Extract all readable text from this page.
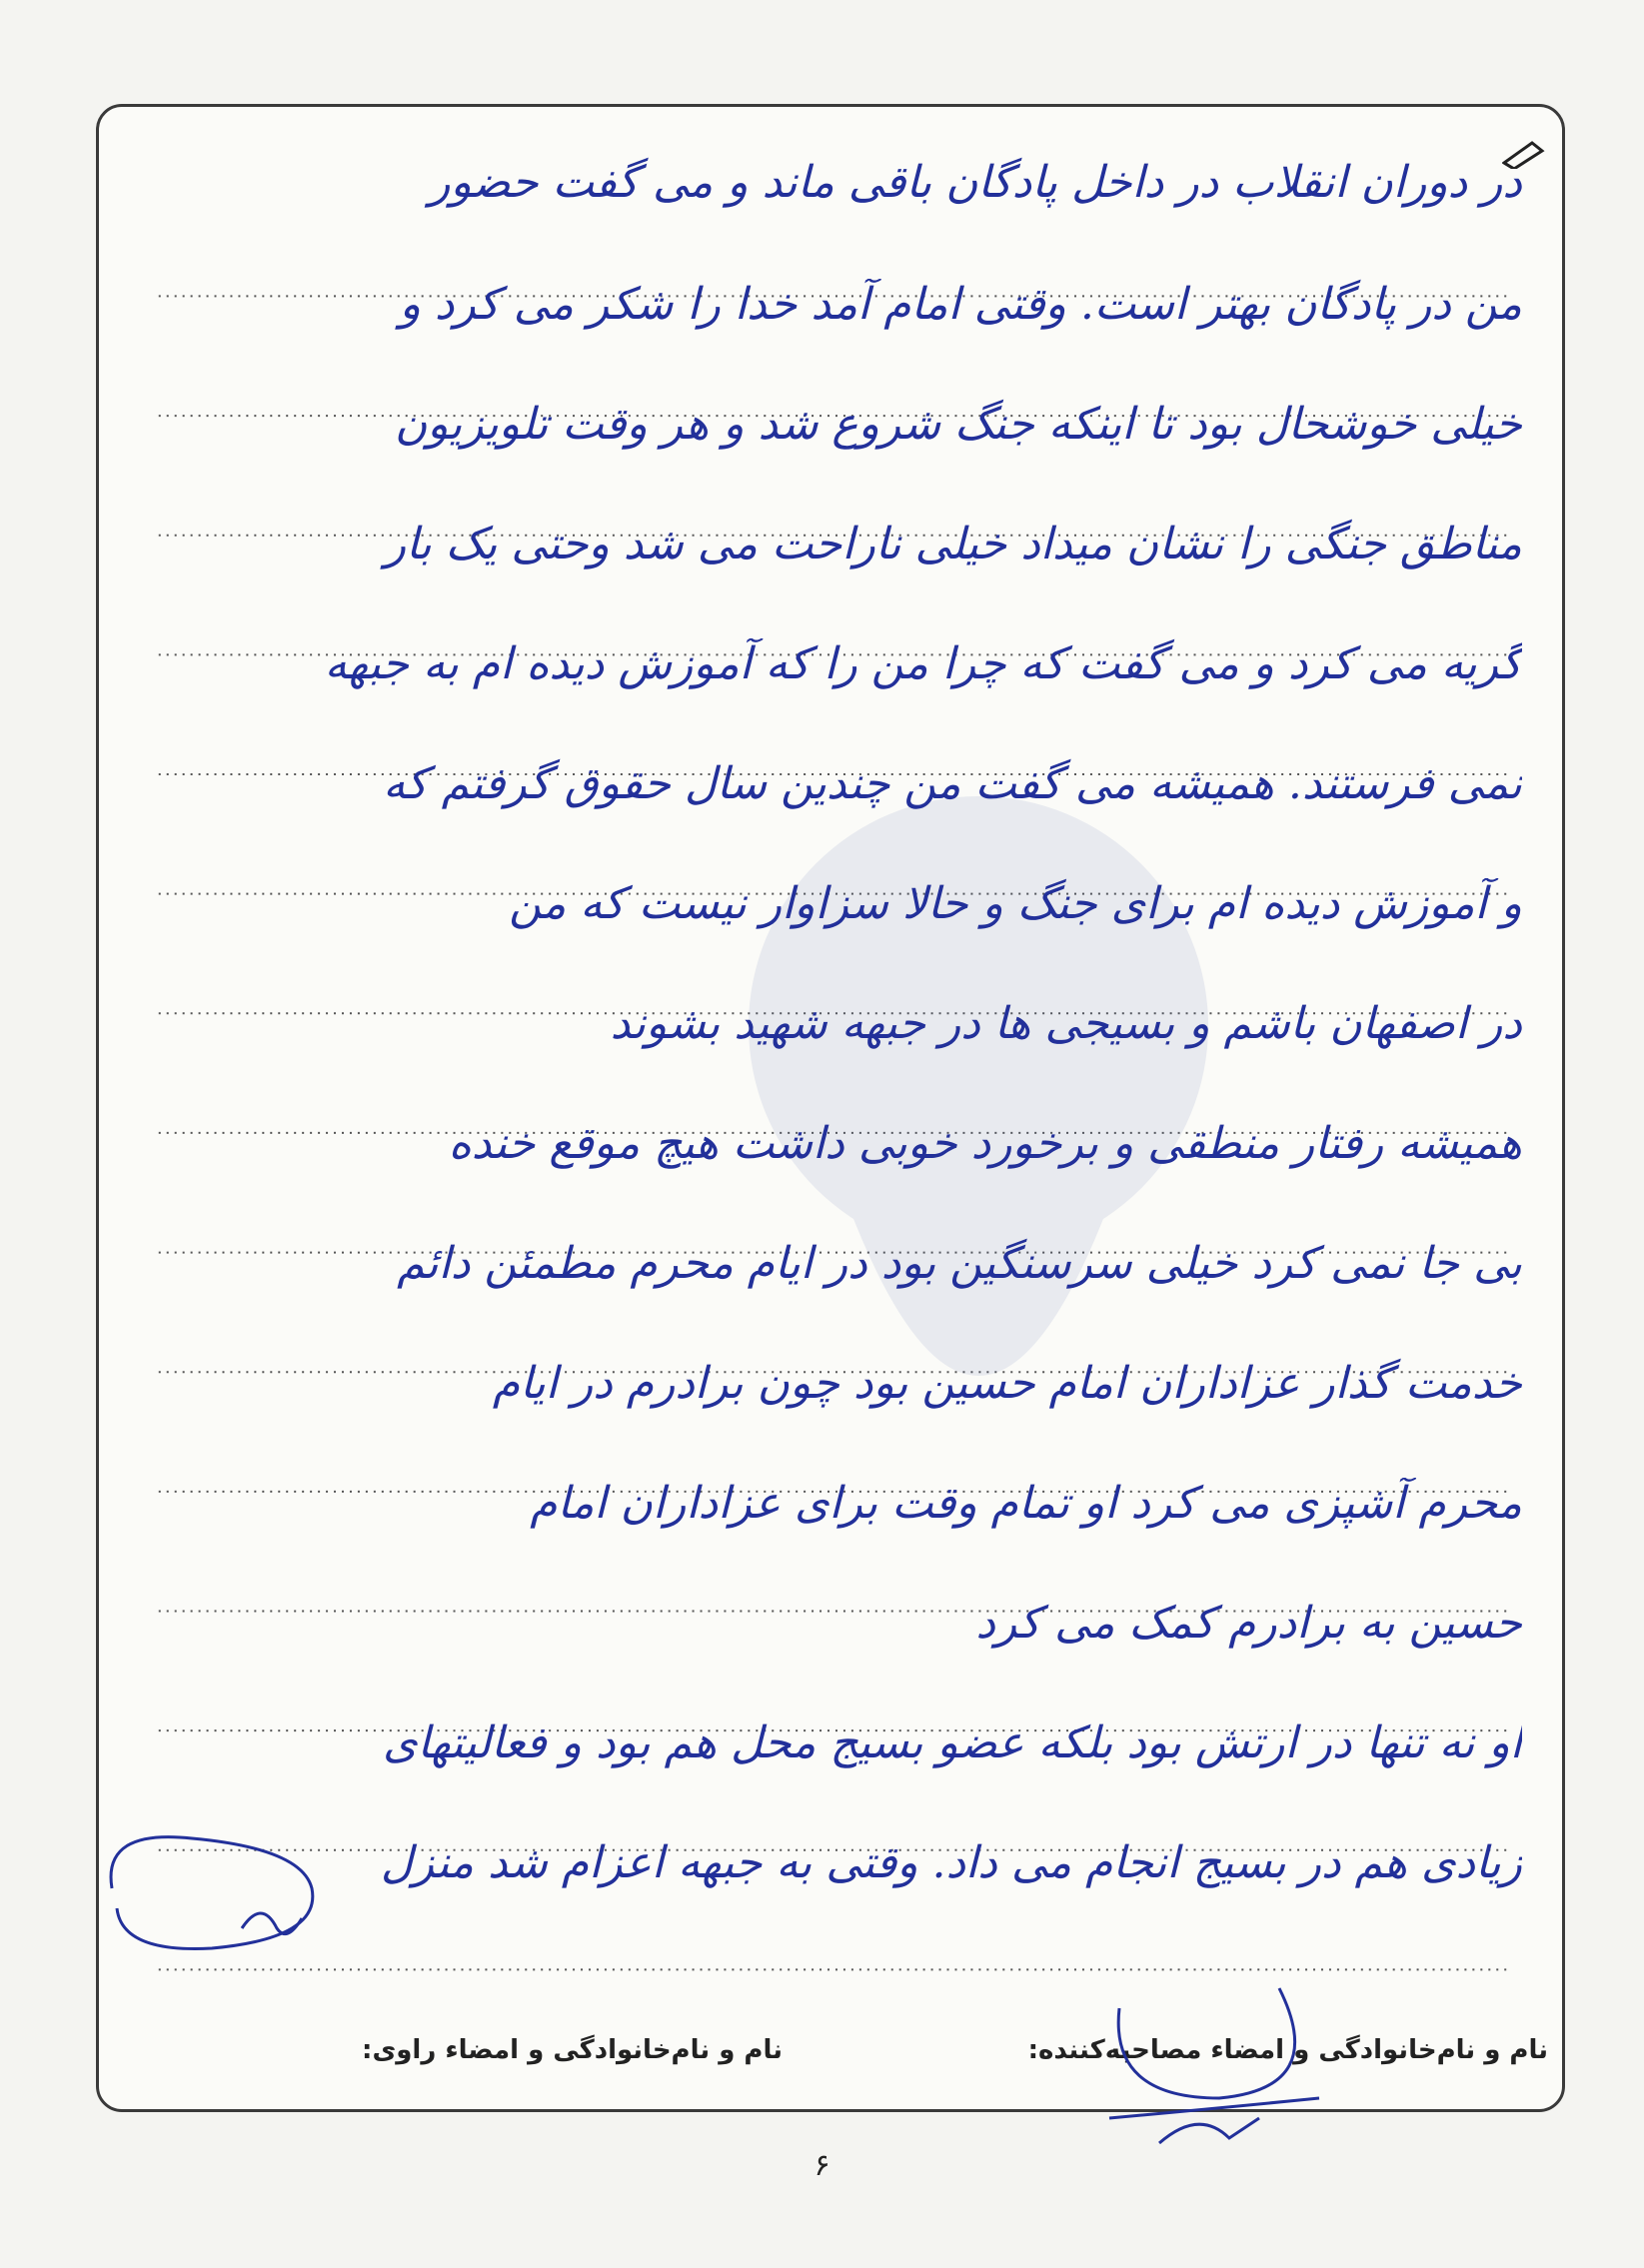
در دوران انقلاب در داخل پادگان باقی ماند و می گفت حضور
من در پادگان بهتر است. وقتی امام آمد خدا را شکر می کرد و
خیلی خوشحال بود تا اینکه جنگ شروع شد و هر وقت تلویزیون
مناطق جنگی را نشان میداد خیلی ناراحت می شد وحتی یک بار
گریه می کرد و می گفت که چرا من را که آموزش دیده ام به جبهه
نمی فرستند. همیشه می گفت من چندین سال حقوق گرفتم که
و آموزش دیده ام برای جنگ و حالا سزاوار نیست که من
در اصفهان باشم و بسیجی ها در جبهه شهید بشوند
همیشه رفتار منطقی و برخورد خوبی داشت هیچ موقع خنده
بی جا نمی کرد خیلی سرسنگین بود در ایام محرم مطمئن دائم
خدمت گذار عزاداران امام حسین بود چون برادرم در ایام
محرم آشپزی می کرد او تمام وقت برای عزاداران امام
حسین به برادرم کمک می کرد
او نه تنها در ارتش بود بلکه عضو بسیج محل هم بود و فعالیتهای
زیادی هم در بسیج انجام می داد. وقتی به جبهه اعزام شد منزل
نام و نام‌خانوادگی و امضاء مصاحبه‌کننده:
نام و نام‌خانوادگی و امضاء راوی:
۶
